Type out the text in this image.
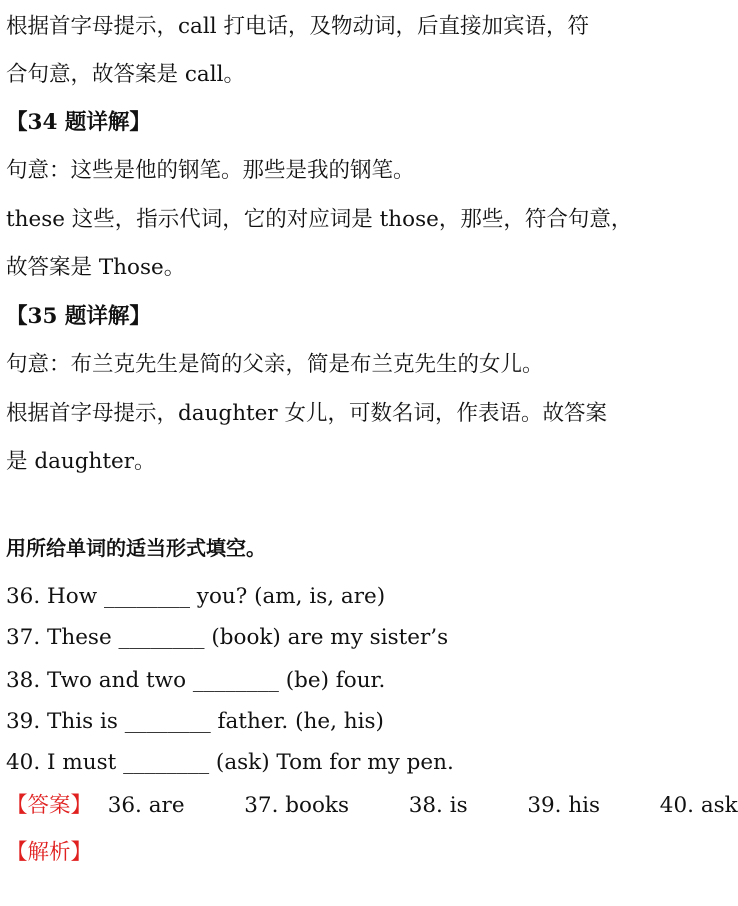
根据首字母提示，call 打电话，及物动词，后直接加宾语，符
合句意，故答案是 call。
【34 题详解】
句意：这些是他的钢笔。那些是我的钢笔。
these 这些，指示代词，它的对应词是 those，那些，符合句意，
故答案是 Those。
【35 题详解】
句意：布兰克先生是简的父亲，简是布兰克先生的女儿。
根据首字母提示，daughter 女儿，可数名词，作表语。故答案
是 daughter。
用所给单词的适当形式填空。
36. How ________ you? (am, is, are)
37. These ________ (book) are my sister’s
38. Two and two ________ (be) four.
39. This is ________ father. (he, his)
40. I must ________ (ask) Tom for my pen.
【答案】 36. are	37. books	38. is	39. his	40. ask
【解析】
